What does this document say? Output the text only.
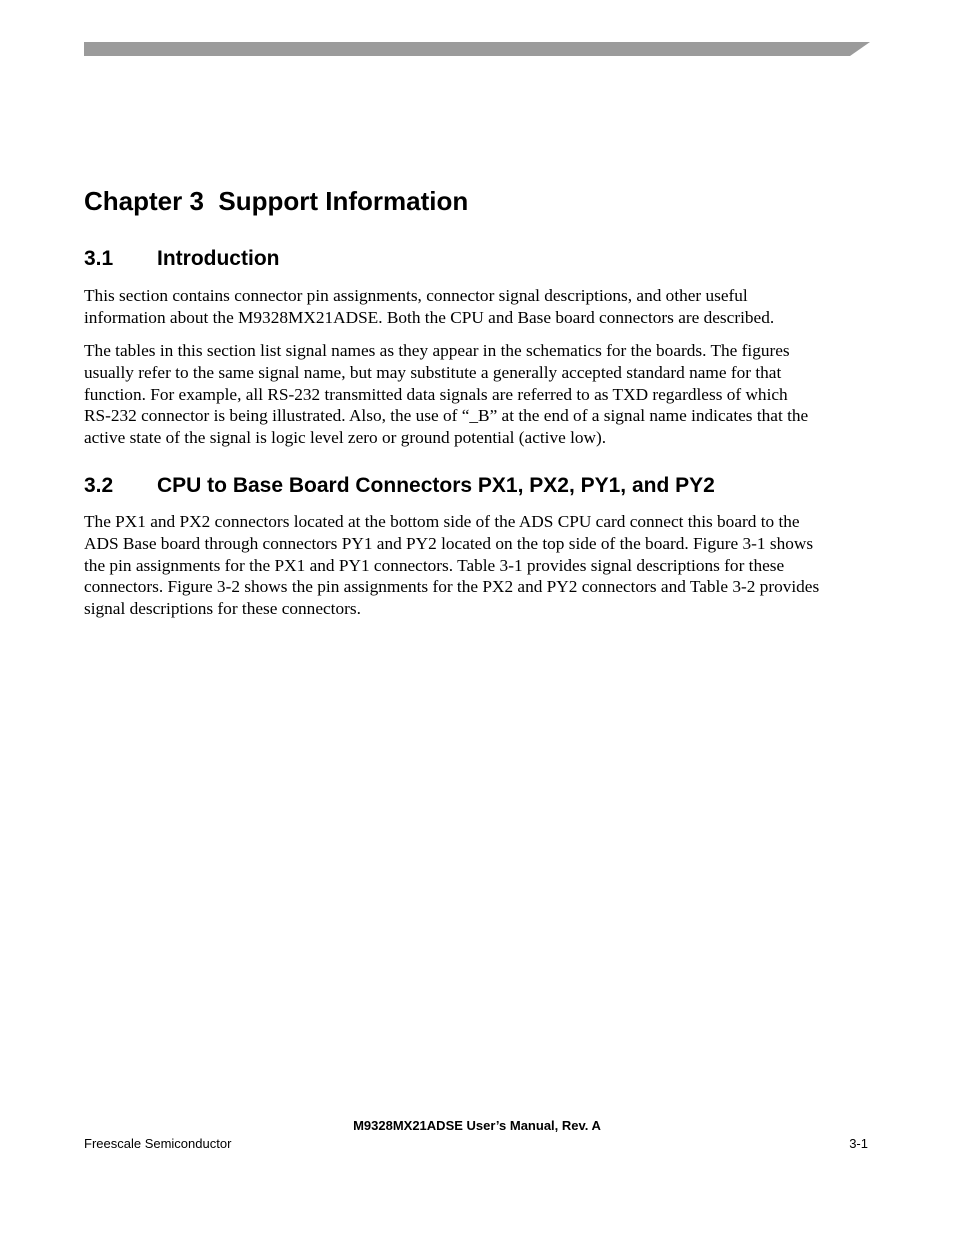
Chapter 3  Support Information
3.1 Introduction

This section contains connector pin assignments, connector signal descriptions, and other useful
information about the M9328MX21ADSE. Both the CPU and Base board connectors are described.

The tables in this section list signal names as they appear in the schematics for the boards. The figures
usually refer to the same signal name, but may substitute a generally accepted standard name for that
function. For example, all RS-232 transmitted data signals are referred to as TXD regardless of which
RS-232 connector is being illustrated. Also, the use of “_B” at the end of a signal name indicates that the
active state of the signal is logic level zero or ground potential (active low).

3.2 CPU to Base Board Connectors PX1, PX2, PY1, and PY2

The PX1 and PX2 connectors located at the bottom side of the ADS CPU card connect this board to the
ADS Base board through connectors PY1 and PY2 located on the top side of the board. Figure 3-1 shows
the pin assignments for the PX1 and PY1 connectors. Table 3-1 provides signal descriptions for these
connectors. Figure 3-2 shows the pin assignments for the PX2 and PY2 connectors and Table 3-2 provides
signal descriptions for these connectors.

M9328MX21ADSE User’s Manual, Rev. A
Freescale Semiconductor	3-1
